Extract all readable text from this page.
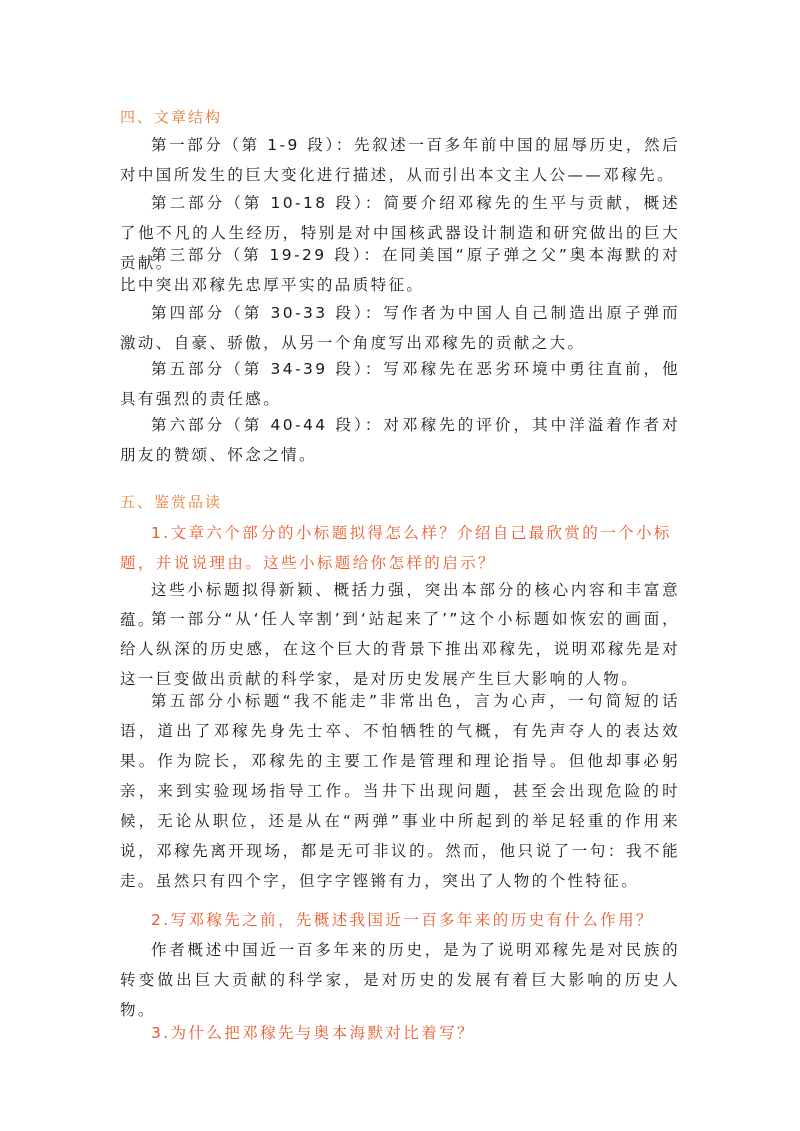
四、文章结构

第一部分（第 1-9 段）：先叙述一百多年前中国的屈辱历史，然后对中国所发生的巨大变化进行描述，从而引出本文主人公——邓稼先。

第二部分（第 10-18 段）：简要介绍邓稼先的生平与贡献，概述了他不凡的人生经历，特别是对中国核武器设计制造和研究做出的巨大贡献。

第三部分（第 19-29 段）：在同美国“原子弹之父”奥本海默的对比中突出邓稼先忠厚平实的品质特征。

第四部分（第 30-33 段）：写作者为中国人自己制造出原子弹而激动、自豪、骄傲，从另一个角度写出邓稼先的贡献之大。

第五部分（第 34-39 段）：写邓稼先在恶劣环境中勇往直前，他具有强烈的责任感。

第六部分（第 40-44 段）：对邓稼先的评价，其中洋溢着作者对朋友的赞颂、怀念之情。

五、鉴赏品读

1.文章六个部分的小标题拟得怎么样？介绍自己最欣赏的一个小标题，并说说理由。这些小标题给你怎样的启示？

这些小标题拟得新颖、概括力强，突出本部分的核心内容和丰富意蕴。

第一部分“从‘任人宰割’到‘站起来了’”这个小标题如恢宏的画面，给人纵深的历史感，在这个巨大的背景下推出邓稼先，说明邓稼先是对这一巨变做出贡献的科学家，是对历史发展产生巨大影响的人物。

第五部分小标题“我不能走”非常出色，言为心声，一句简短的话语，道出了邓稼先身先士卒、不怕牺牲的气概，有先声夺人的表达效果。作为院长，邓稼先的主要工作是管理和理论指导。但他却事必躬亲，来到实验现场指导工作。当井下出现问题，甚至会出现危险的时候，无论从职位，还是从在“两弹”事业中所起到的举足轻重的作用来说，邓稼先离开现场，都是无可非议的。然而，他只说了一句：我不能走。虽然只有四个字，但字字铿锵有力，突出了人物的个性特征。

2.写邓稼先之前，先概述我国近一百多年来的历史有什么作用？

作者概述中国近一百多年来的历史，是为了说明邓稼先是对民族的转变做出巨大贡献的科学家，是对历史的发展有着巨大影响的历史人物。

3.为什么把邓稼先与奥本海默对比着写？
